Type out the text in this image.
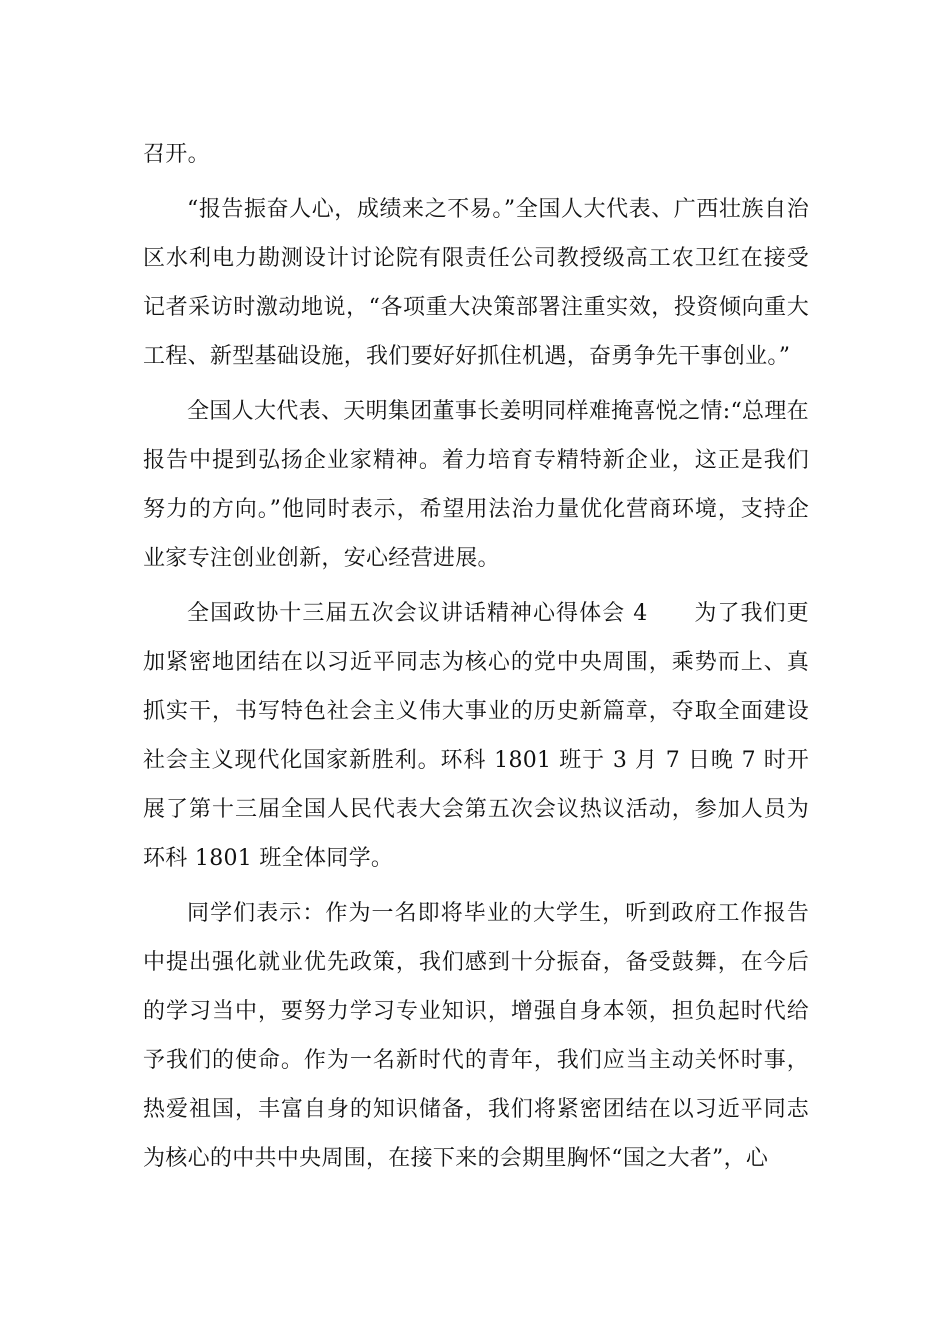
召开。

“报告振奋人心，成绩来之不易。”全国人大代表、广西壮族自治区水利电力勘测设计讨论院有限责任公司教授级高工农卫红在接受记者采访时激动地说，“各项重大决策部署注重实效，投资倾向重大工程、新型基础设施，我们要好好抓住机遇，奋勇争先干事创业。”

全国人大代表、天明集团董事长姜明同样难掩喜悦之情:“总理在报告中提到弘扬企业家精神。着力培育专精特新企业，这正是我们努力的方向。”他同时表示，希望用法治力量优化营商环境，支持企业家专注创业创新，安心经营进展。

全国政协十三届五次会议讲话精神心得体会 4　　为了我们更加紧密地团结在以习近平同志为核心的党中央周围，乘势而上、真抓实干，书写特色社会主义伟大事业的历史新篇章，夺取全面建设社会主义现代化国家新胜利。环科 1801 班于 3 月 7 日晚 7 时开展了第十三届全国人民代表大会第五次会议热议活动，参加人员为环科 1801 班全体同学。

同学们表示：作为一名即将毕业的大学生，听到政府工作报告中提出强化就业优先政策，我们感到十分振奋，备受鼓舞，在今后的学习当中，要努力学习专业知识，增强自身本领，担负起时代给予我们的使命。作为一名新时代的青年，我们应当主动关怀时事，热爱祖国，丰富自身的知识储备，我们将紧密团结在以习近平同志为核心的中共中央周围，在接下来的会期里胸怀“国之大者”，心
